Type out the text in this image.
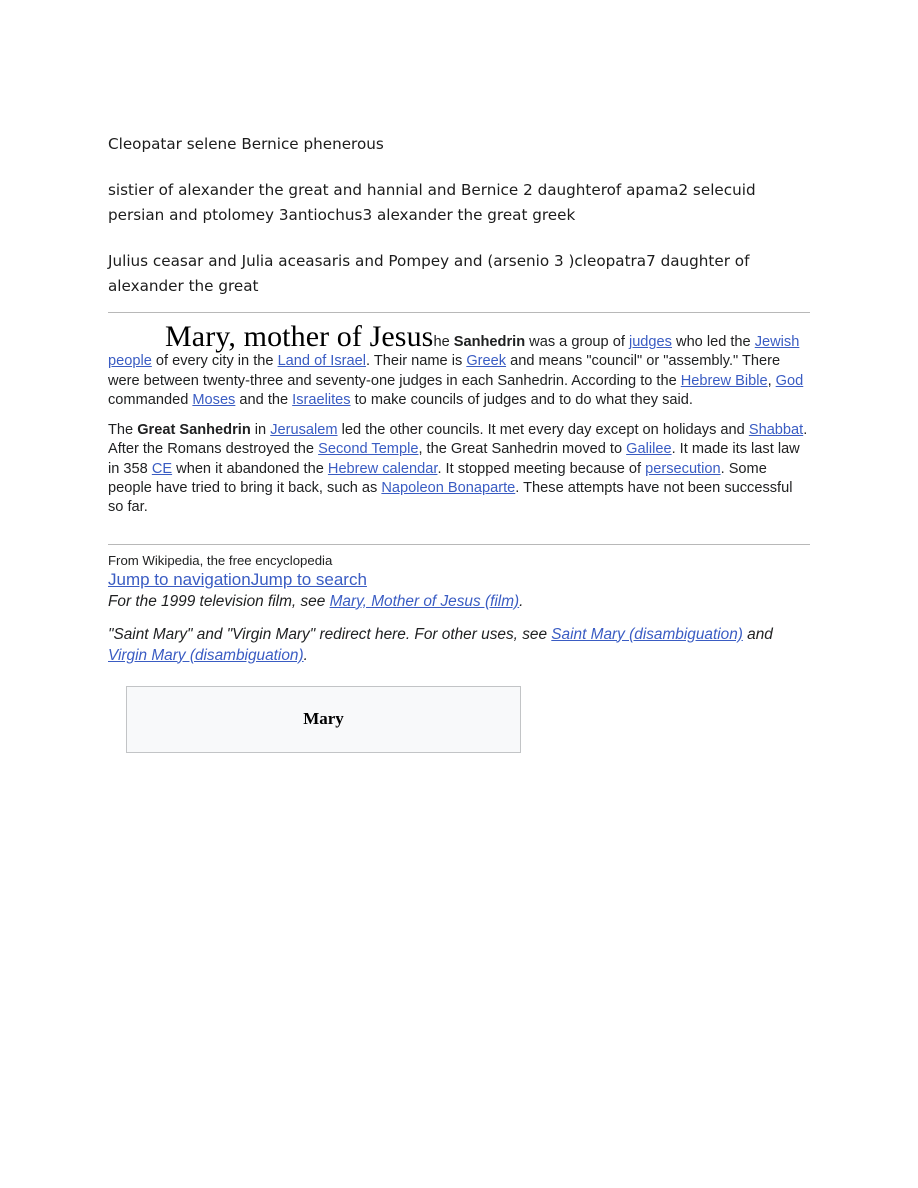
Cleopatar selene Bernice phenerous

sistier of alexander the great and hannial and Bernice 2 daughterof apama2 selecuid persian and ptolomey 3antiochus3 alexander the great greek

Julius ceasar and Julia aceasaris and Pompey and (arsenio 3 )cleopatra7 daughter of alexander the great

Mary, mother of Jesushe Sanhedrin was a group of judges who led the Jewish people of every city in the Land of Israel. Their name is Greek and means "council" or "assembly." There were between twenty-three and seventy-one judges in each Sanhedrin. According to the Hebrew Bible, God commanded Moses and the Israelites to make councils of judges and to do what they said.

The Great Sanhedrin in Jerusalem led the other councils. It met every day except on holidays and Shabbat. After the Romans destroyed the Second Temple, the Great Sanhedrin moved to Galilee. It made its last law in 358 CE when it abandoned the Hebrew calendar. It stopped meeting because of persecution. Some people have tried to bring it back, such as Napoleon Bonaparte. These attempts have not been successful so far.

From Wikipedia, the free encyclopedia

Jump to navigationJump to search

For the 1999 television film, see Mary, Mother of Jesus (film).

"Saint Mary" and "Virgin Mary" redirect here. For other uses, see Saint Mary (disambiguation) and Virgin Mary (disambiguation).

Mary
